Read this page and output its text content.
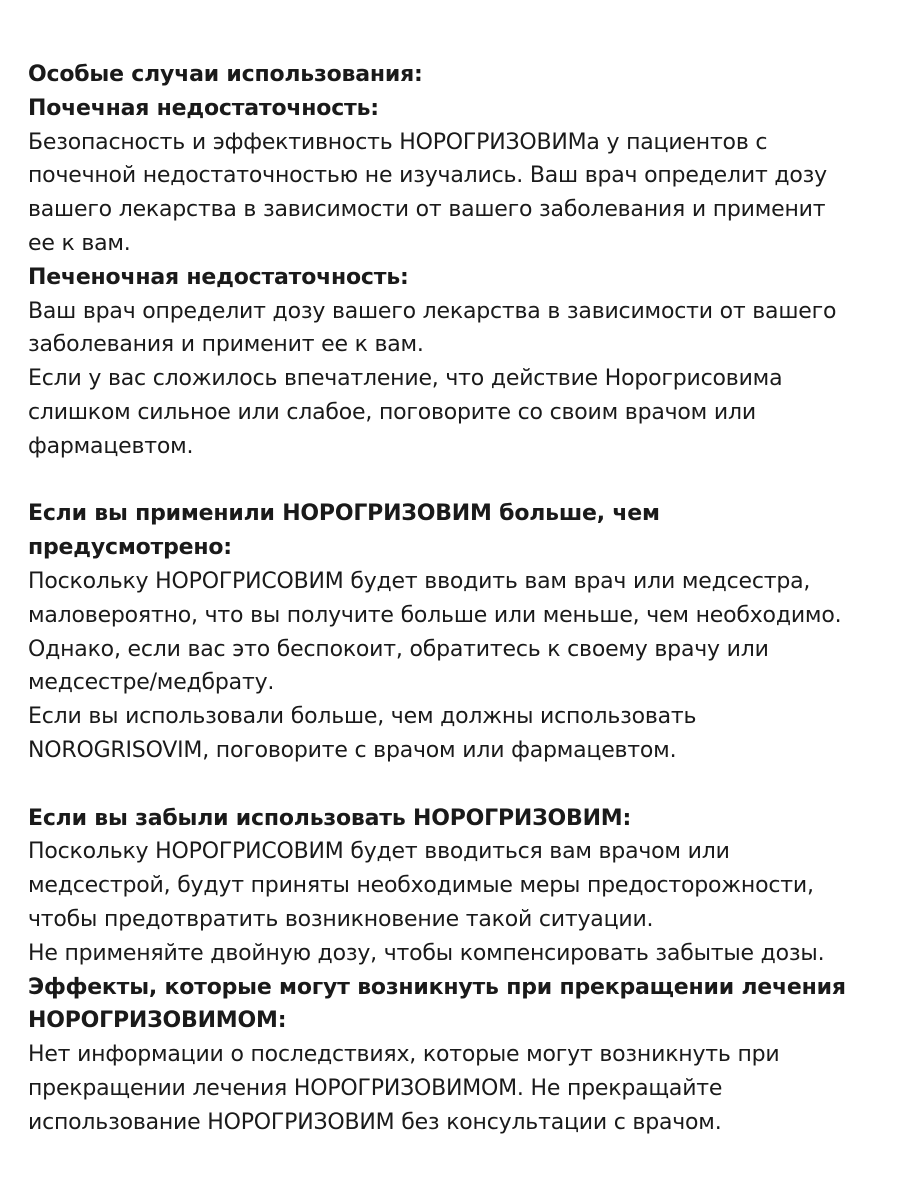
Особые случаи использования:
Почечная недостаточность:
Безопасность и эффективность НОРОГРИЗОВИМа у пациентов с
почечной недостаточностью не изучались. Ваш врач определит дозу
вашего лекарства в зависимости от вашего заболевания и применит
ее к вам.
Печеночная недостаточность:
Ваш врач определит дозу вашего лекарства в зависимости от вашего
заболевания и применит ее к вам.
Если у вас сложилось впечатление, что действие Норогрисовима
слишком сильное или слабое, поговорите со своим врачом или
фармацевтом.
Если вы применили НОРОГРИЗОВИМ больше, чем
предусмотрено:
Поскольку НОРОГРИСОВИМ будет вводить вам врач или медсестра,
маловероятно, что вы получите больше или меньше, чем необходимо.
Однако, если вас это беспокоит, обратитесь к своему врачу или
медсестре/медбрату.
Если вы использовали больше, чем должны использовать
NOROGRISOVIM, поговорите с врачом или фармацевтом.
Если вы забыли использовать НОРОГРИЗОВИМ:
Поскольку НОРОГРИСОВИМ будет вводиться вам врачом или
медсестрой, будут приняты необходимые меры предосторожности,
чтобы предотвратить возникновение такой ситуации.
Не применяйте двойную дозу, чтобы компенсировать забытые дозы.
Эффекты, которые могут возникнуть при прекращении лечения
НОРОГРИЗОВИМОМ:
Нет информации о последствиях, которые могут возникнуть при
прекращении лечения НОРОГРИЗОВИМОМ. Не прекращайте
использование НОРОГРИЗОВИМ без консультации с врачом.
